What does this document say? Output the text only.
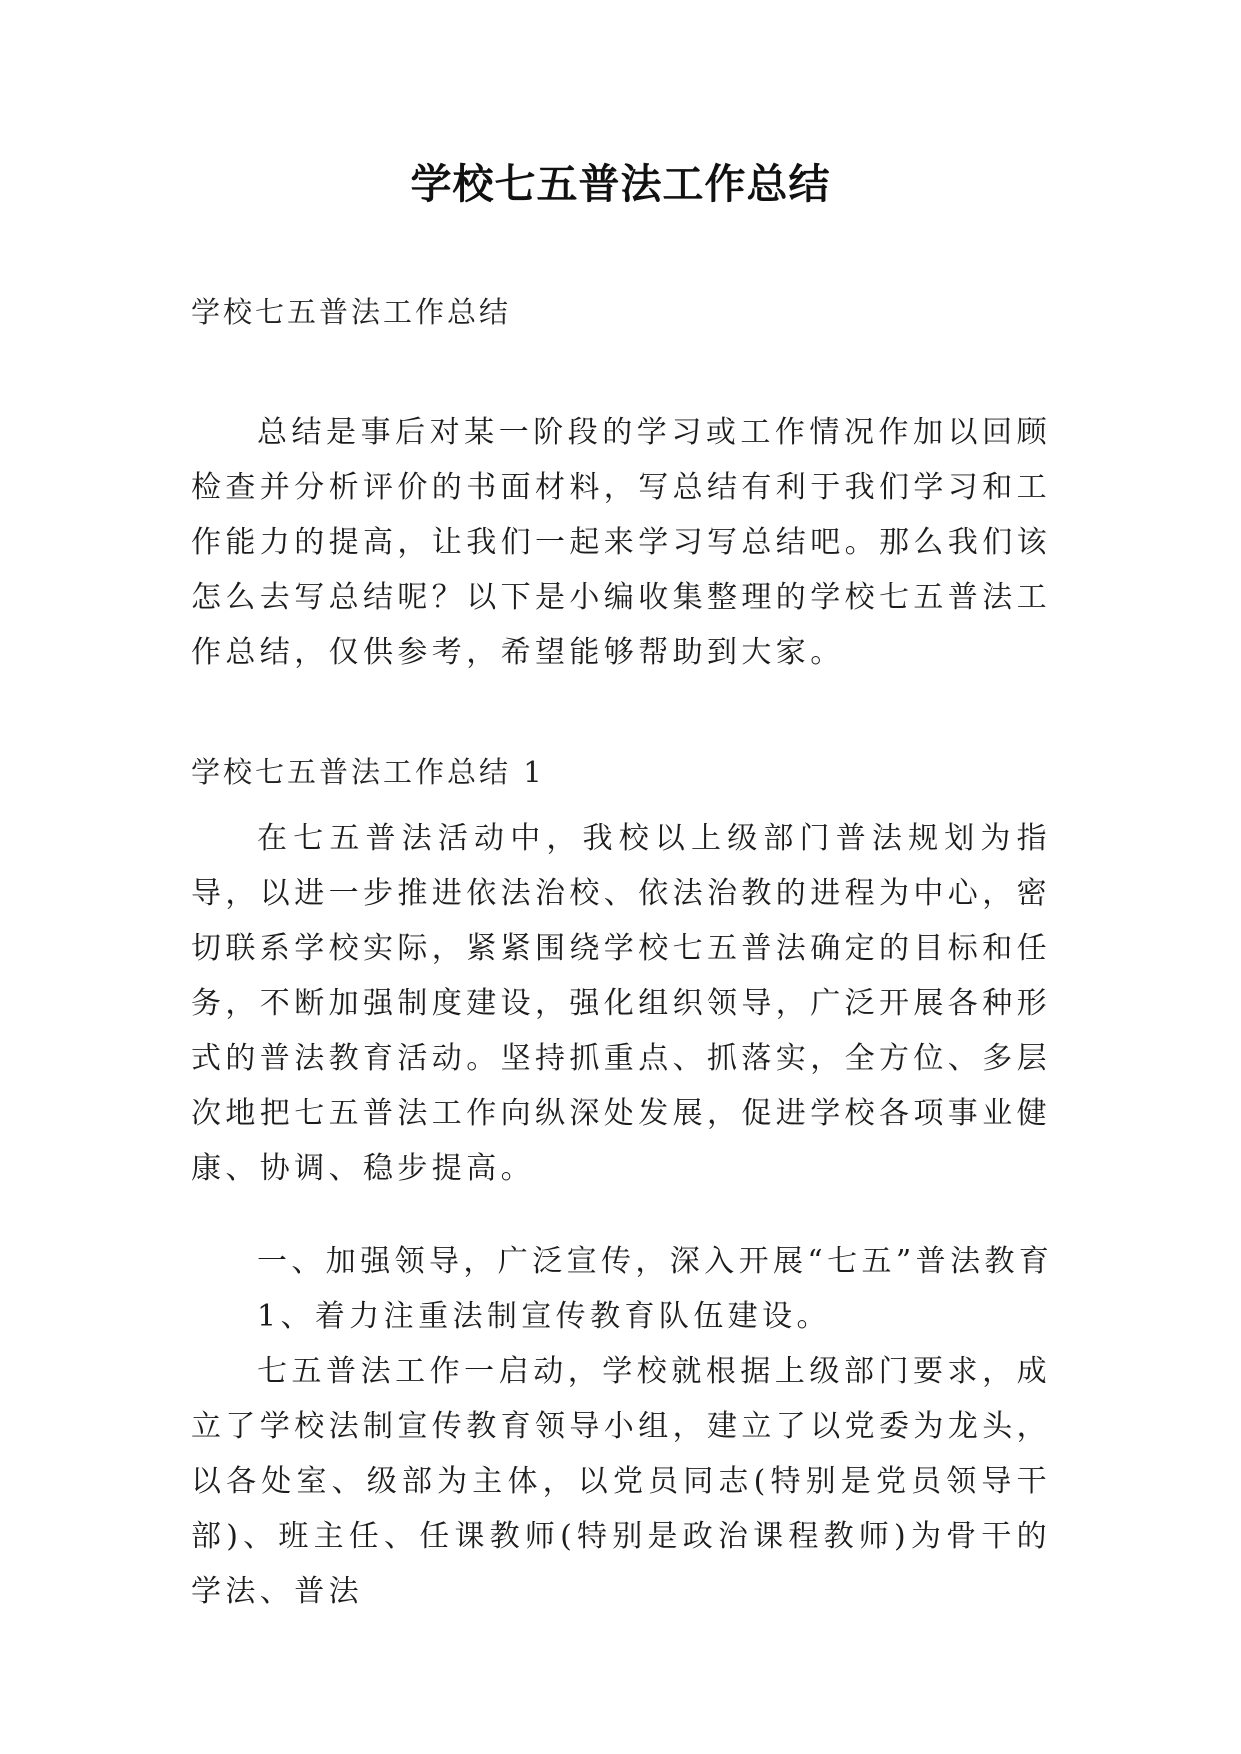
学校七五普法工作总结
学校七五普法工作总结
总结是事后对某一阶段的学习或工作情况作加以回顾检查并分析评价的书面材料，写总结有利于我们学习和工作能力的提高，让我们一起来学习写总结吧。那么我们该怎么去写总结呢？以下是小编收集整理的学校七五普法工作总结，仅供参考，希望能够帮助到大家。
学校七五普法工作总结 1
在七五普法活动中，我校以上级部门普法规划为指导，以进一步推进依法治校、依法治教的进程为中心，密切联系学校实际，紧紧围绕学校七五普法确定的目标和任务，不断加强制度建设，强化组织领导，广泛开展各种形式的普法教育活动。坚持抓重点、抓落实，全方位、多层次地把七五普法工作向纵深处发展，促进学校各项事业健康、协调、稳步提高。
一、加强领导，广泛宣传，深入开展“七五”普法教育
1、着力注重法制宣传教育队伍建设。
七五普法工作一启动，学校就根据上级部门要求，成立了学校法制宣传教育领导小组，建立了以党委为龙头，以各处室、级部为主体，以党员同志(特别是党员领导干部)、班主任、任课教师(特别是政治课程教师)为骨干的学法、普法
